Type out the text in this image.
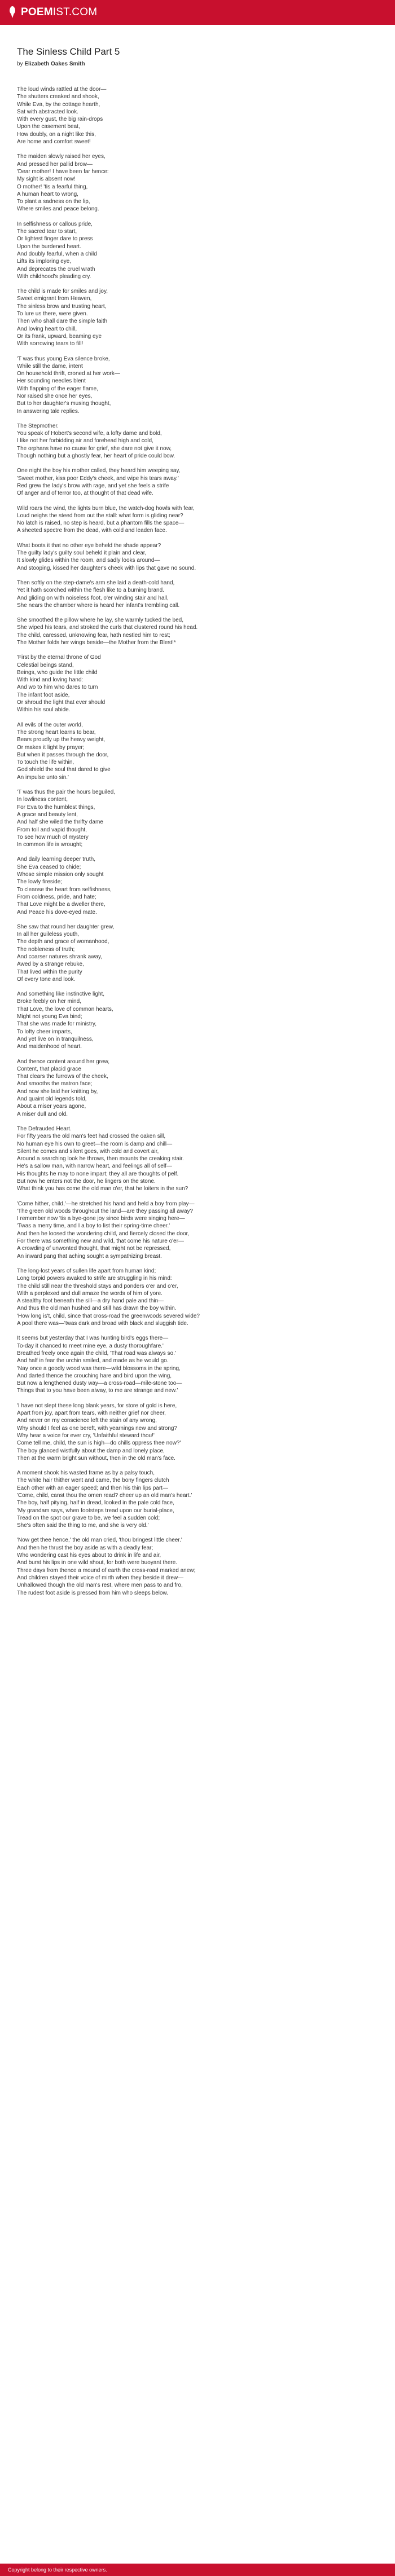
POEMIST.COM
The Sinless Child Part 5
by Elizabeth Oakes Smith
The loud winds rattled at the door—
The shutters creaked and shook,
While Eva, by the cottage hearth,
Sat with abstracted look.
With every gust, the big rain-drops
Upon the casement beat,
How doubly, on a night like this,
Are home and comfort sweet!
The maiden slowly raised her eyes,
And pressed her pallid brow—
'Dear mother! I have been far hence:
My sight is absent now!
O mother! 'tis a fearful thing,
A human heart to wrong,
To plant a sadness on the lip,
Where smiles and peace belong.
In selfishness or callous pride,
The sacred tear to start,
Or lightest finger dare to press
Upon the burdened heart.
And doubly fearful, when a child
Lifts its imploring eye,
And deprecates the cruel wrath
With childhood's pleading cry.
The child is made for smiles and joy,
Sweet emigrant from Heaven,
The sinless brow and trusting heart,
To lure us there, were given.
Then who shall dare the simple faith
And loving heart to chill,
Or its frank, upward, beaming eye
With sorrowing tears to fill!
'T was thus young Eva silence broke,
While still the dame, intent
On household thrift, croned at her work—
Her sounding needles blent
With flapping of the eager flame,
Nor raised she once her eyes,
But to her daughter's musing thought,
In answering tale replies.
The Stepmother.
You speak of Hobert's second wife, a lofty dame and bold,
I like not her forbidding air and forehead high and cold,
The orphans have no cause for grief, she dare not give it now,
Though nothing but a ghostly fear, her heart of pride could bow.
One night the boy his mother called, they heard him weeping say,
'Sweet mother, kiss poor Eddy's cheek, and wipe his tears away.'
Red grew the lady's brow with rage, and yet she feels a strife
Of anger and of terror too, at thought of that dead wife.
Wild roars the wind, the lights burn blue, the watch-dog howls with fear,
Loud neighs the steed from out the stall: what form is gliding near?
No latch is raised, no step is heard, but a phantom fills the space—
A sheeted spectre from the dead, with cold and leaden face.
What boots it that no other eye beheld the shade appear?
The guilty lady's guilty soul beheld it plain and clear,
It slowly glides within the room, and sadly looks around—
And stooping, kissed her daughter's cheek with lips that gave no sound.
Then softly on the step-dame's arm she laid a death-cold hand,
Yet it hath scorched within the flesh like to a burning brand.
And gliding on with noiseless foot, o'er winding stair and hall,
She nears the chamber where is heard her infant's trembling call.
She smoothed the pillow where he lay, she warmly tucked the bed,
She wiped his tears, and stroked the curls that clustered round his head.
The child, caressed, unknowing fear, hath nestled him to rest;
The Mother folds her wings beside—the Mother from the Blest!*
'First by the eternal throne of God
Celestial beings stand,
Beings, who guide the little child
With kind and loving hand:
And wo to him who dares to turn
The infant foot aside,
Or shroud the light that ever should
Within his soul abide.
All evils of the outer world,
The strong heart learns to bear,
Bears proudly up the heavy weight,
Or makes it light by prayer;
But when it passes through the door,
To touch the life within,
God shield the soul that dared to give
An impulse unto sin.'
'T was thus the pair the hours beguiled,
In lowliness content,
For Eva to the humblest things,
A grace and beauty lent,
And half she wiled the thrifty dame
From toil and vapid thought,
To see how much of mystery
In common life is wrought;
And daily learning deeper truth,
She Eva ceased to chide;
Whose simple mission only sought
The lowly fireside;
To cleanse the heart from selfishness,
From coldness, pride, and hate;
That Love might be a dweller there,
And Peace his dove-eyed mate.
She saw that round her daughter grew,
In all her guileless youth,
The depth and grace of womanhood,
The nobleness of truth;
And coarser natures shrank away,
Awed by a strange rebuke,
That lived within the purity
Of every tone and look.
And something like instinctive light,
Broke feebly on her mind,
That Love, the love of common hearts,
Might not young Eva bind;
That she was made for ministry,
To lofty cheer imparts,
And yet live on in tranquilness,
And maidenhood of heart.
And thence content around her grew,
Content, that placid grace
That clears the furrows of the cheek,
And smooths the matron face;
And now she laid her knitting by,
And quaint old legends told,
About a miser years agone,
A miser dull and old.
The Defrauded Heart.
For fifty years the old man's feet had crossed the oaken sill,
No human eye his own to greet—the room is damp and chill—
Silent he comes and silent goes, with cold and covert air,
Around a searching look he throws, then mounts the creaking stair.
He's a sallow man, with narrow heart, and feelings all of self—
His thoughts he may to none impart; they all are thoughts of pelf.
But now he enters not the door, he lingers on the stone.
What think you has come the old man o'er, that he loiters in the sun?
'Come hither, child,'—he stretched his hand and held a boy from play—
'The green old woods throughout the land—are they passing all away?
I remember now 'tis a bye-gone joy since birds were singing here—
'Twas a merry time, and I a boy to list their spring-time cheer.'
And then he loosed the wondering child, and fiercely closed the door,
For there was something new and wild, that come his nature o'er—
A crowding of unwonted thought, that might not be repressed,
An inward pang that aching sought a sympathizing breast.
The long-lost years of sullen life apart from human kind;
Long torpid powers awaked to strife are struggling in his mind:
The child still near the threshold stays and ponders o'er and o'er,
With a perplexed and dull amaze the words of him of yore.
A stealthy foot beneath the sill—a dry hand pale and thin—
And thus the old man hushed and still has drawn the boy within.
'How long is't, child, since that cross-road the greenwoods severed wide?
A pool there was—'twas dark and broad with black and sluggish tide.
It seems but yesterday that I was hunting bird's eggs there—
To-day it chanced to meet mine eye, a dusty thoroughfare.'
Breathed freely once again the child, 'That road was always so.'
And half in fear the urchin smiled, and made as he would go.
'Nay once a goodly wood was there—wild blossoms in the spring,
And darted thence the crouching hare and bird upon the wing,
But now a lengthened dusty way—a cross-road—mile-stone too—
Things that to you have been alway, to me are strange and new.'
'I have not slept these long blank years, for store of gold is here,
Apart from joy, apart from tears, with neither grief nor cheer,
And never on my conscience left the stain of any wrong,
Why should I feel as one bereft, with yearnings new and strong?
Why hear a voice for ever cry, 'Unfaithful steward thou!'
Come tell me, child, the sun is high—do chills oppress thee now?'
The boy glanced wistfully about the damp and lonely place,
Then at the warm bright sun without, then in the old man's face.
A moment shook his wasted frame as by a palsy touch,
The white hair thither went and came, the bony fingers clutch
Each other with an eager speed; and then his thin lips part—
'Come, child, canst thou the omen read? cheer up an old man's heart.'
The boy, half pitying, half in dread, looked in the pale cold face,
'My grandam says, when footsteps tread upon our burial-place,
Tread on the spot our grave to be, we feel a sudden cold;
She's often said the thing to me, and she is very old.'
'Now get thee hence,' the old man cried, 'thou bringest little cheer.'
And then he thrust the boy aside as with a deadly fear;
Who wondering cast his eyes about to drink in life and air,
And burst his lips in one wild shout, for both were buoyant there.
Three days from thence a mound of earth the cross-road marked anew;
And children stayed their voice of mirth when they beside it drew—
Unhallowed though the old man's rest, where men pass to and fro,
The rudest foot aside is pressed from him who sleeps below.
Copyright belong to their respective owners.
